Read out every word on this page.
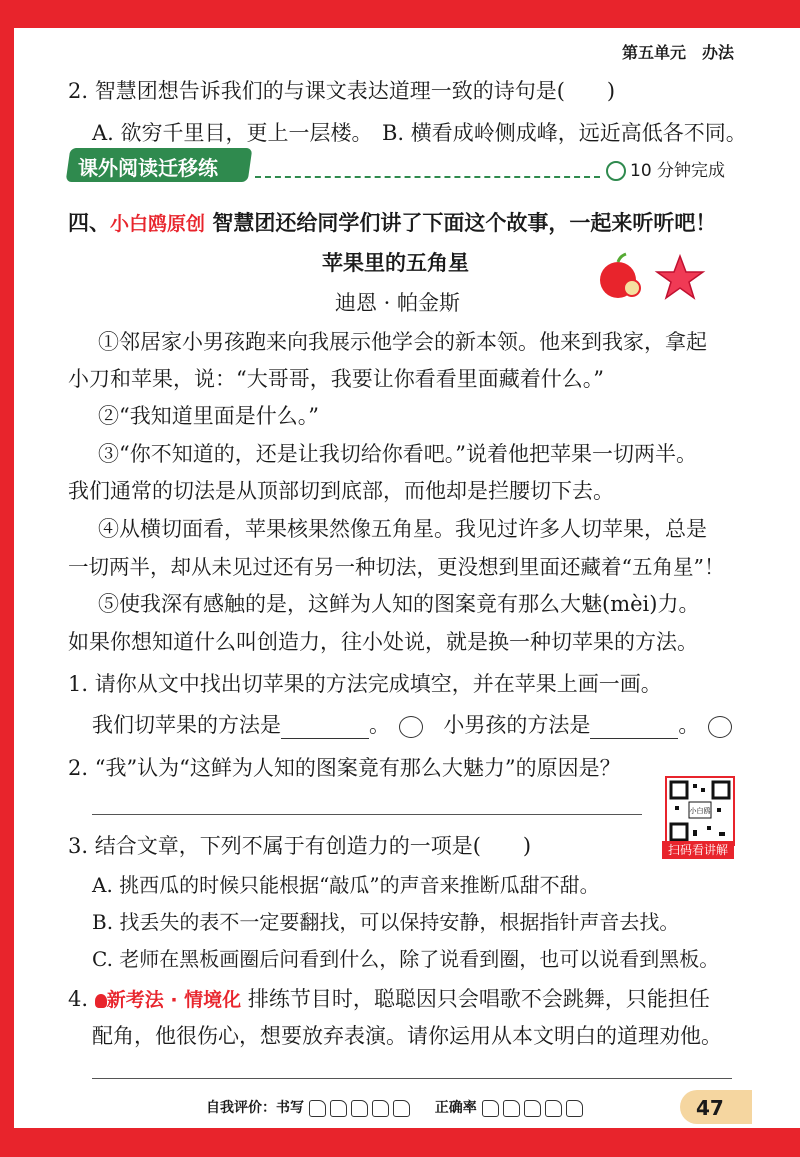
第五单元　办法
2. 智慧团想告诉我们的与课文表达道理一致的诗句是(　　)
A. 欲穷千里目，更上一层楼。 B. 横看成岭侧成峰，远近高低各不同。
课外阅读迁移练	10 分钟完成
四、小白鸥原创 智慧团还给同学们讲了下面这个故事，一起来听听吧！
苹果里的五角星
迪恩 · 帕金斯
①邻居家小男孩跑来向我展示他学会的新本领。他来到我家，拿起
小刀和苹果，说：“大哥哥，我要让你看看里面藏着什么。”
②“我知道里面是什么。”
③“你不知道的，还是让我切给你看吧。”说着他把苹果一切两半。
我们通常的切法是从顶部切到底部，而他却是拦腰切下去。
④从横切面看，苹果核果然像五角星。我见过许多人切苹果，总是
一切两半，却从未见过还有另一种切法，更没想到里面还藏着“五角星”！
⑤使我深有感触的是，这鲜为人知的图案竟有那么大魅(mèi)力。
如果你想知道什么叫创造力，往小处说，就是换一种切苹果的方法。
1. 请你从文中找出切苹果的方法完成填空，并在苹果上画一画。
我们切苹果的方法是	。	小男孩的方法是	。
2. “我”认为“这鲜为人知的图案竟有那么大魅力”的原因是？
小白鸥
扫码看讲解
3. 结合文章，下列不属于有创造力的一项是(　　)
A. 挑西瓜的时候只能根据“敲瓜”的声音来推断瓜甜不甜。
B. 找丢失的表不一定要翻找，可以保持安静，根据指针声音去找。
C. 老师在黑板画圈后问看到什么，除了说看到圈，也可以说看到黑板。
4. 新考法 · 情境化 排练节目时，聪聪因只会唱歌不会跳舞，只能担任
配角，他很伤心，想要放弃表演。请你运用从本文明白的道理劝他。
自我评价：书写	正确率	47
